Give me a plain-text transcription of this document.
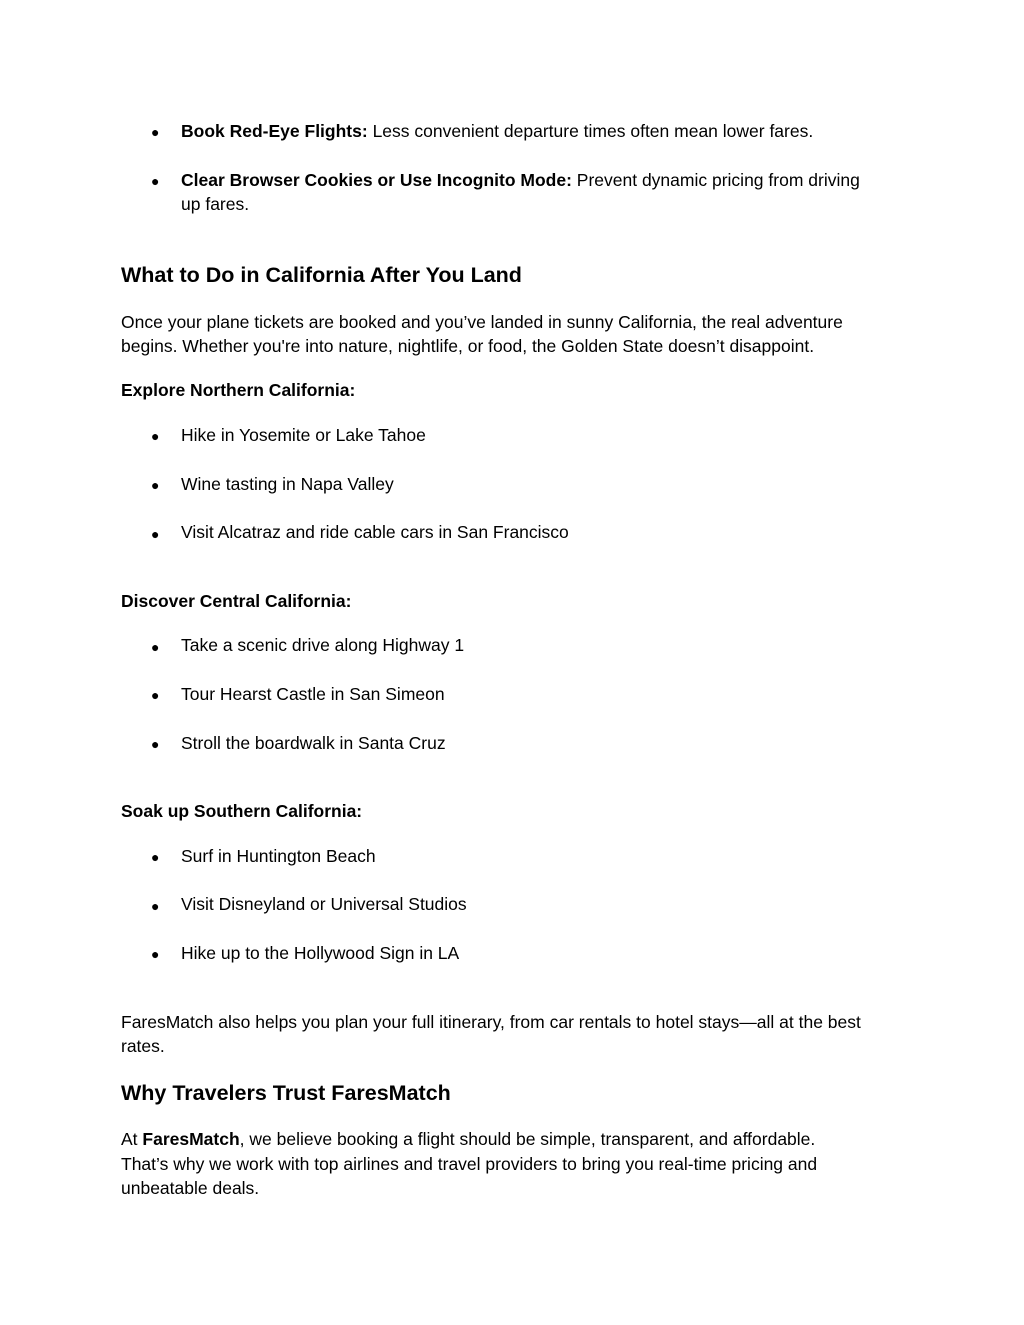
● Book Red-Eye Flights: Less convenient departure times often mean lower fares.
● Clear Browser Cookies or Use Incognito Mode: Prevent dynamic pricing from driving
up fares.
What to Do in California After You Land
Once your plane tickets are booked and you’ve landed in sunny California, the real adventure
begins. Whether you're into nature, nightlife, or food, the Golden State doesn’t disappoint.
Explore Northern California:
● Hike in Yosemite or Lake Tahoe
● Wine tasting in Napa Valley
● Visit Alcatraz and ride cable cars in San Francisco
Discover Central California:
● Take a scenic drive along Highway 1
● Tour Hearst Castle in San Simeon
● Stroll the boardwalk in Santa Cruz
Soak up Southern California:
● Surf in Huntington Beach
● Visit Disneyland or Universal Studios
● Hike up to the Hollywood Sign in LA
FaresMatch also helps you plan your full itinerary, from car rentals to hotel stays—all at the best
rates.
Why Travelers Trust FaresMatch
At FaresMatch, we believe booking a flight should be simple, transparent, and affordable.
That’s why we work with top airlines and travel providers to bring you real-time pricing and
unbeatable deals.
